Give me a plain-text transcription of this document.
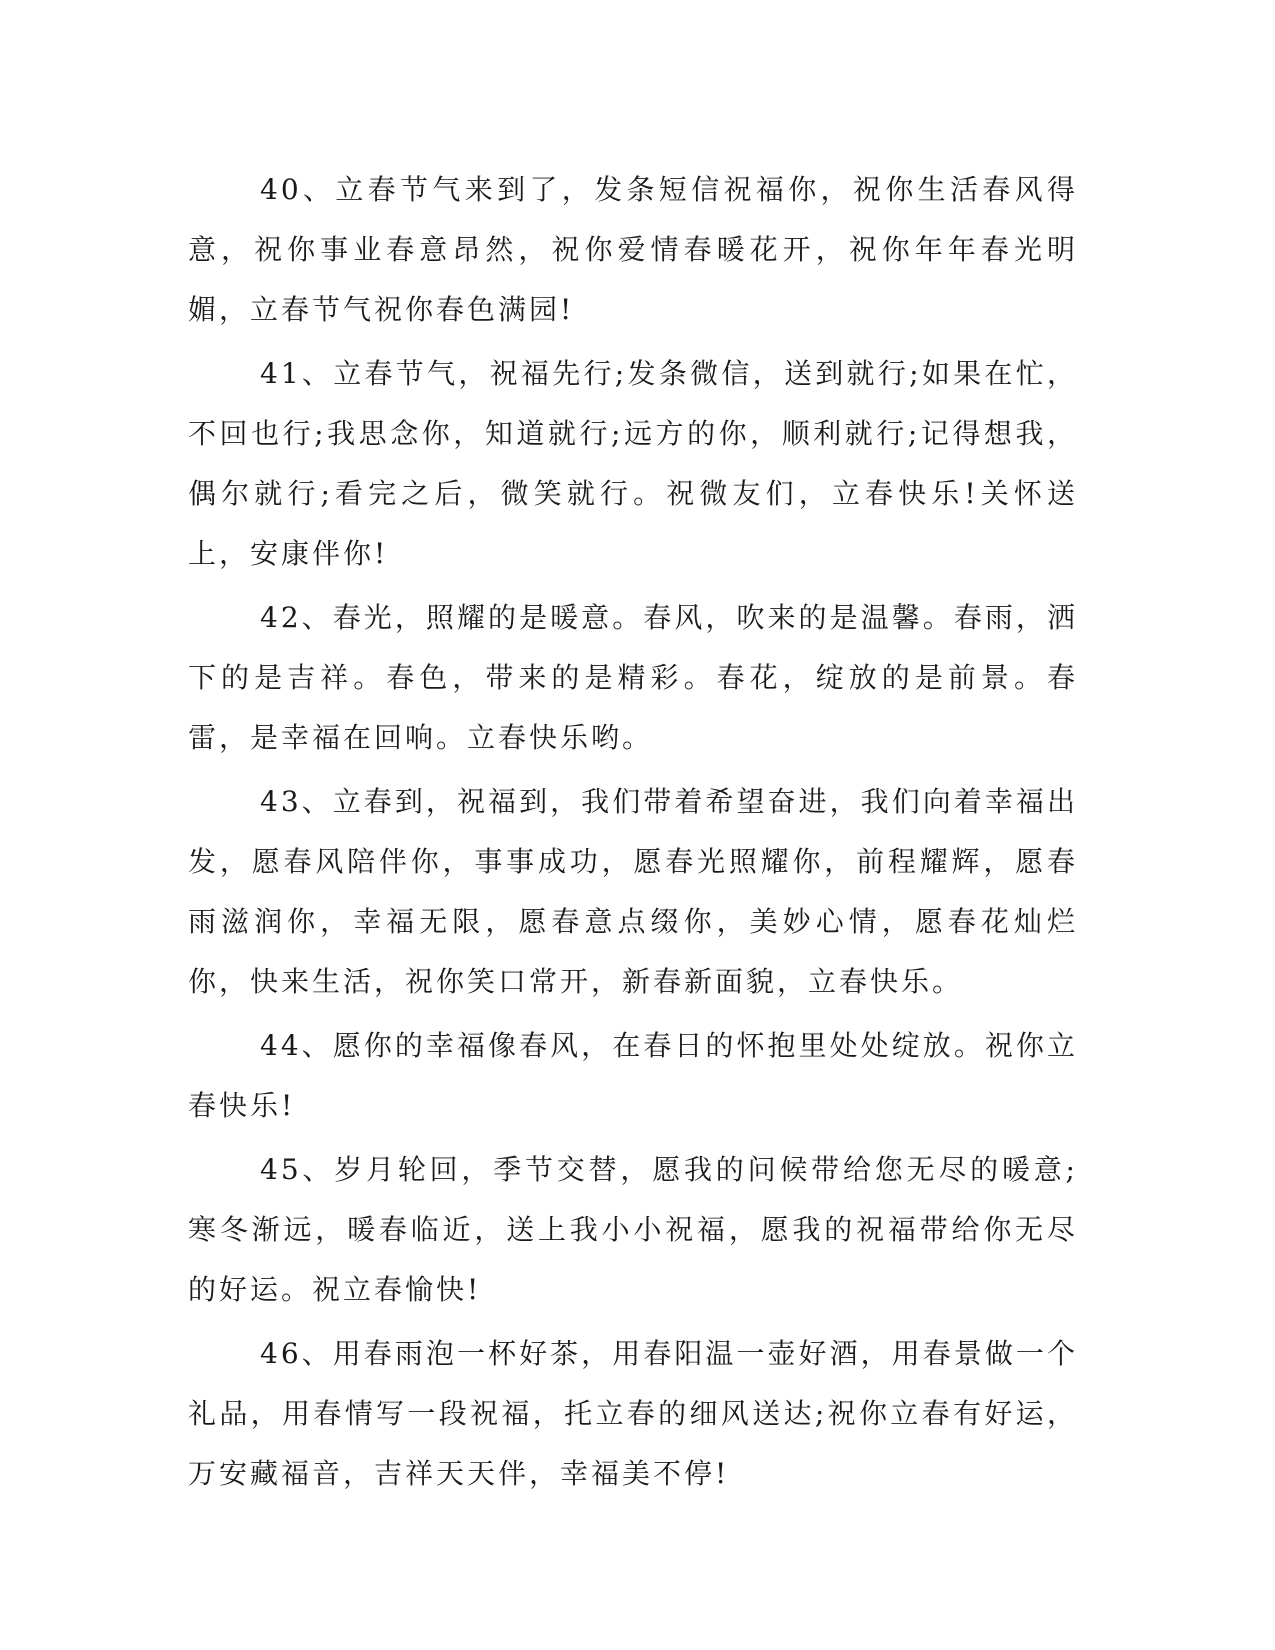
40、立春节气来到了，发条短信祝福你，祝你生活春风得意，祝你事业春意昂然，祝你爱情春暖花开，祝你年年春光明媚，立春节气祝你春色满园!

41、立春节气，祝福先行;发条微信，送到就行;如果在忙，不回也行;我思念你，知道就行;远方的你，顺利就行;记得想我，偶尔就行;看完之后，微笑就行。祝微友们，立春快乐!关怀送上，安康伴你!

42、春光，照耀的是暖意。春风，吹来的是温馨。春雨，洒下的是吉祥。春色，带来的是精彩。春花，绽放的是前景。春雷，是幸福在回响。立春快乐哟。

43、立春到，祝福到，我们带着希望奋进，我们向着幸福出发，愿春风陪伴你，事事成功，愿春光照耀你，前程耀辉，愿春雨滋润你，幸福无限，愿春意点缀你，美妙心情，愿春花灿烂你，快来生活，祝你笑口常开，新春新面貌，立春快乐。

44、愿你的幸福像春风，在春日的怀抱里处处绽放。祝你立春快乐!

45、岁月轮回，季节交替，愿我的问候带给您无尽的暖意;寒冬渐远，暖春临近，送上我小小祝福，愿我的祝福带给你无尽的好运。祝立春愉快!

46、用春雨泡一杯好茶，用春阳温一壶好酒，用春景做一个礼品，用春情写一段祝福，托立春的细风送达;祝你立春有好运，万安藏福音，吉祥天天伴，幸福美不停!
